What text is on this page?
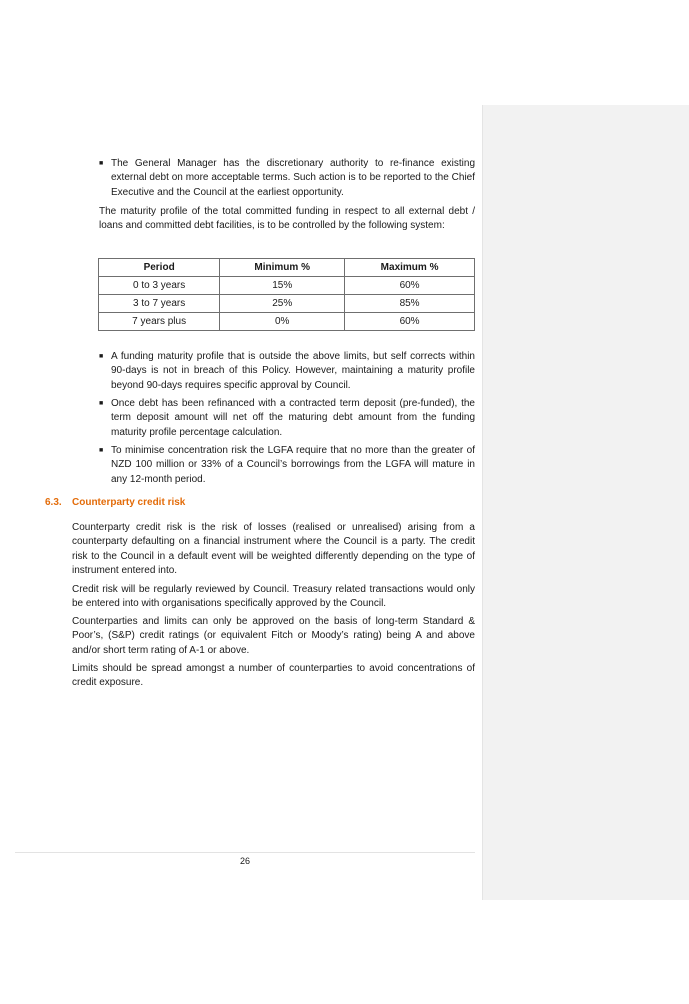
■ The General Manager has the discretionary authority to re-finance existing external debt on more acceptable terms. Such action is to be reported to the Chief Executive and the Council at the earliest opportunity.
The maturity profile of the total committed funding in respect to all external debt / loans and committed debt facilities, is to be controlled by the following system:
Period	Minimum %	Maximum %
0 to 3 years	15%	60%
3 to 7 years	25%	85%
7 years plus	0%	60%
■ A funding maturity profile that is outside the above limits, but self corrects within 90-days is not in breach of this Policy. However, maintaining a maturity profile beyond 90-days requires specific approval by Council.
■ Once debt has been refinanced with a contracted term deposit (pre-funded), the term deposit amount will net off the maturing debt amount from the funding maturity profile percentage calculation.
■ To minimise concentration risk the LGFA require that no more than the greater of NZD 100 million or 33% of a Council’s borrowings from the LGFA will mature in any 12-month period.
6.3. Counterparty credit risk
Counterparty credit risk is the risk of losses (realised or unrealised) arising from a counterparty defaulting on a financial instrument where the Council is a party. The credit risk to the Council in a default event will be weighted differently depending on the type of instrument entered into.
Credit risk will be regularly reviewed by Council. Treasury related transactions would only be entered into with organisations specifically approved by the Council.
Counterparties and limits can only be approved on the basis of long-term Standard & Poor’s, (S&P) credit ratings (or equivalent Fitch or Moody’s rating) being A and above and/or short term rating of A-1 or above.
Limits should be spread amongst a number of counterparties to avoid concentrations of credit exposure.
26
